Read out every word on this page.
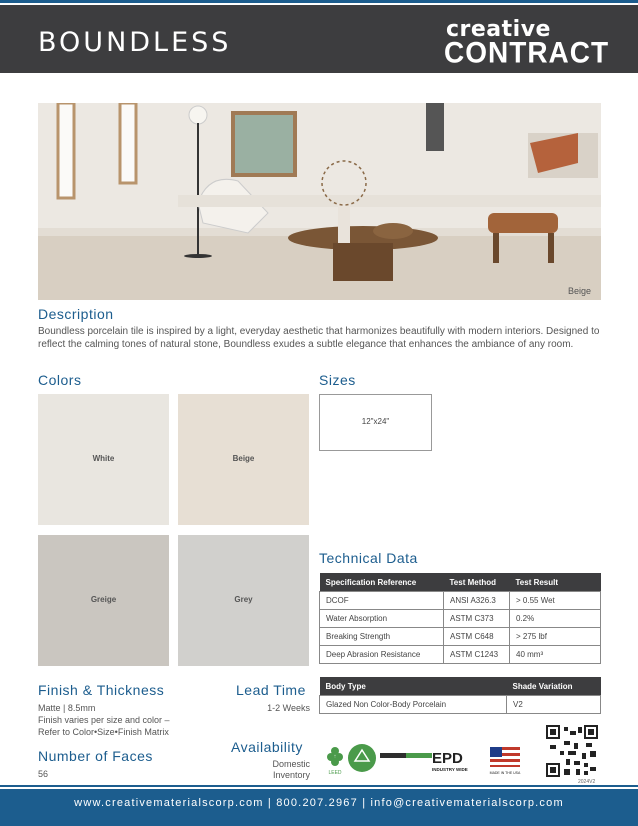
BOUNDLESS	creative
CONTRACT
Beige
Description
Boundless porcelain tile is inspired by a light, everyday aesthetic that harmonizes beautifully with modern interiors. Designed to reflect the calming tones of natural stone, Boundless exudes a subtle elegance that enhances the ambiance of any room.
Colors
White	Beige
Greige	Grey
Sizes
12"x24"
Technical Data
Specification Reference	Test Method	Test Result
DCOF	ANSI A326.3	> 0.55 Wet
Water Absorption	ASTM C373	0.2%
Breaking Strength	ASTM C648	> 275 lbf
Deep Abrasion Resistance	ASTM C1243	40 mm³
Body Type	Shade Variation
Glazed Non Color-Body Porcelain	V2
Finish & Thickness
Matte | 8.5mm
Finish varies per size and color –
Refer to Color•Size•Finish Matrix
Lead Time
1-2 Weeks
Number of Faces
56
Availability
Domestic
Inventory	LEED
EPD
INDUSTRY WIDE
MADE IN THE USA
2024V2
www.creativematerialscorp.com | 800.207.2967 | info@creativematerialscorp.com
